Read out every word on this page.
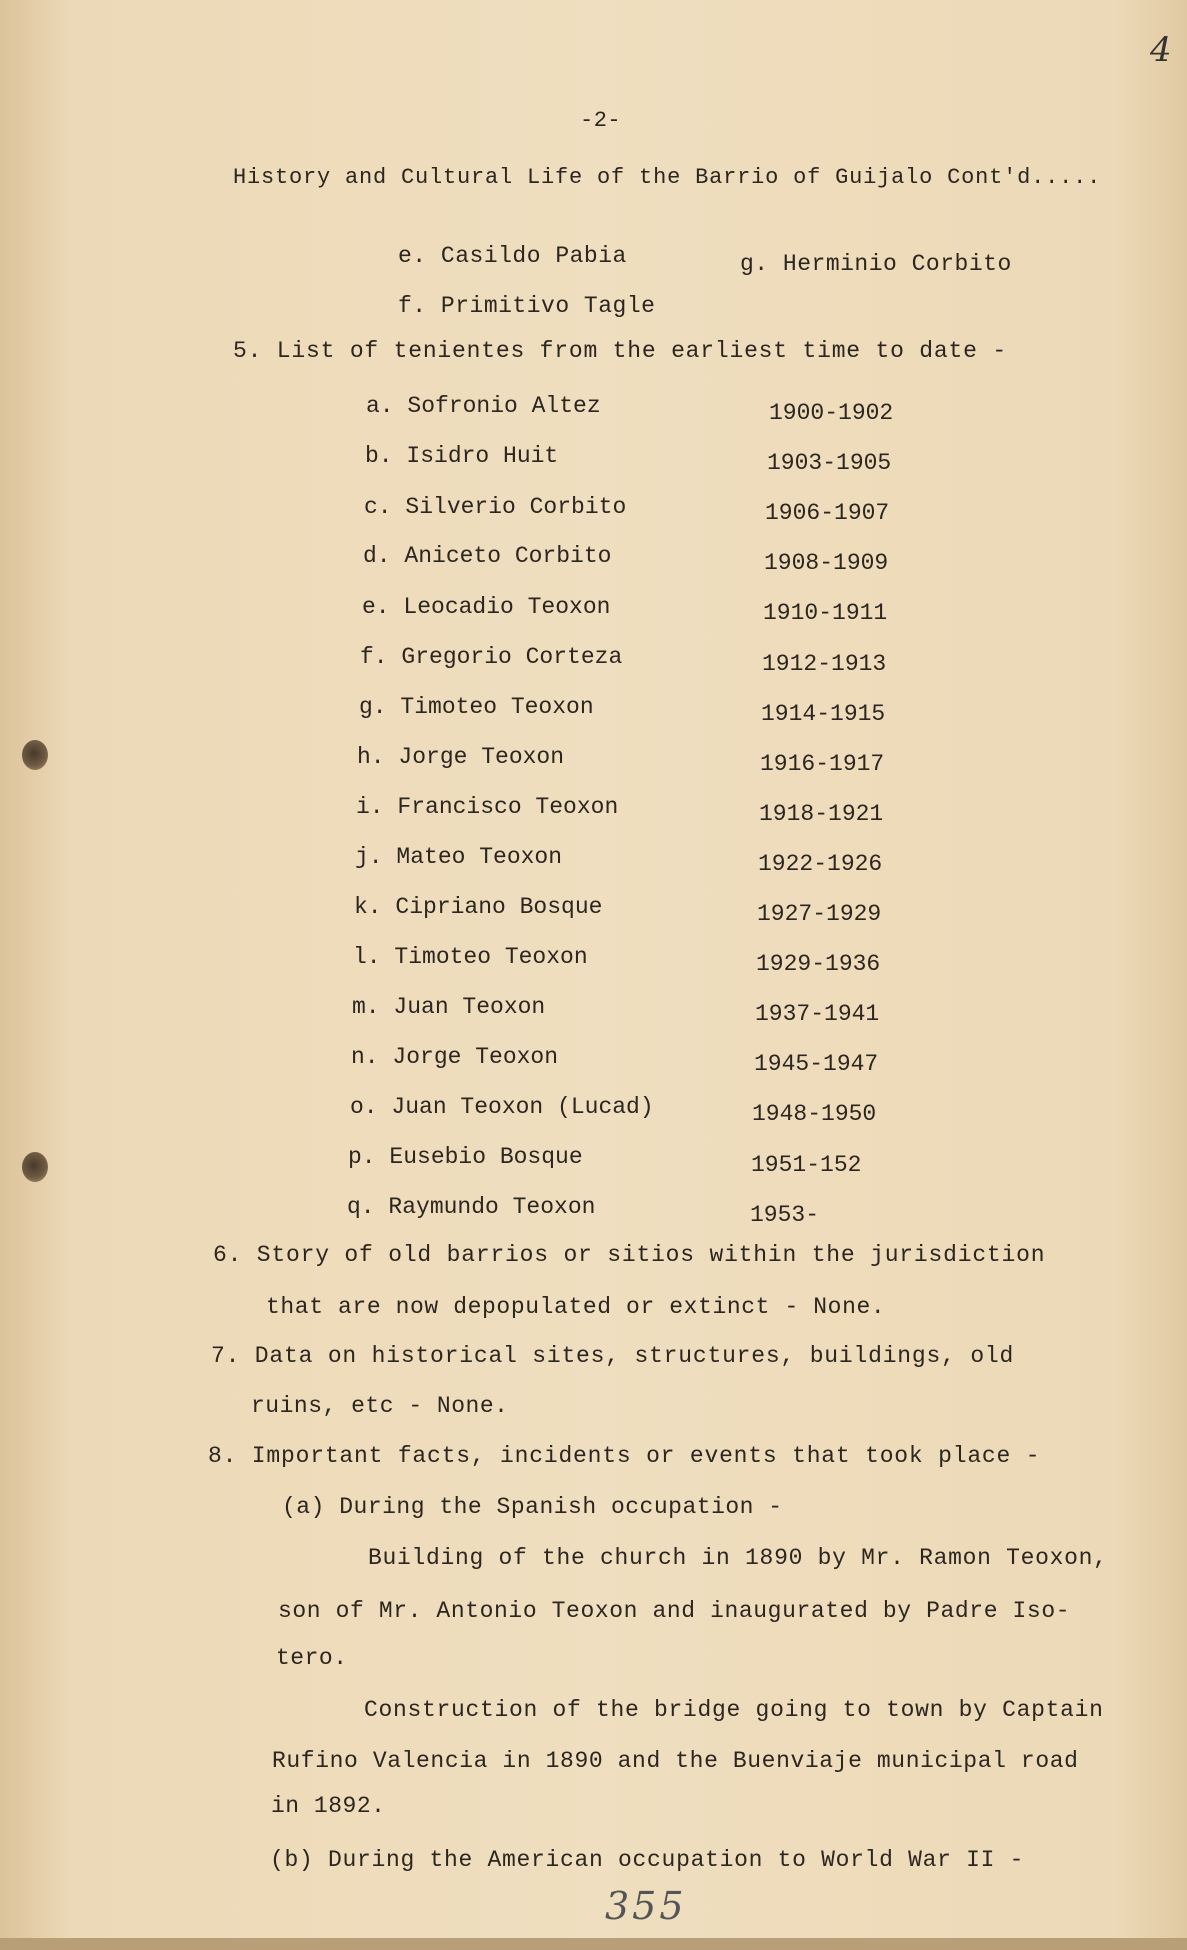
4
-2-
History and Cultural Life of the Barrio of Guijalo Cont'd.....
e. Casildo Pabia	g. Herminio Corbito
f. Primitivo Tagle
5. List of tenientes from the earliest time to date -
a. Sofronio Altez	1900-1902
b. Isidro Huit	1903-1905
c. Silverio Corbito	1906-1907
d. Aniceto Corbito	1908-1909
e. Leocadio Teoxon	1910-1911
f. Gregorio Corteza	1912-1913
g. Timoteo Teoxon	1914-1915
h. Jorge Teoxon	1916-1917
i. Francisco Teoxon	1918-1921
j. Mateo Teoxon	1922-1926
k. Cipriano Bosque	1927-1929
l. Timoteo Teoxon	1929-1936
m. Juan Teoxon	1937-1941
n. Jorge Teoxon	1945-1947
o. Juan Teoxon (Lucad)	1948-1950
p. Eusebio Bosque	1951-152
q. Raymundo Teoxon	1953-
6. Story of old barrios or sitios within the jurisdiction
that are now depopulated or extinct - None.
7. Data on historical sites, structures, buildings, old
ruins, etc - None.
8. Important facts, incidents or events that took place -
(a) During the Spanish occupation -
Building of the church in 1890 by Mr. Ramon Teoxon,
son of Mr. Antonio Teoxon and inaugurated by Padre Iso-
tero.
Construction of the bridge going to town by Captain
Rufino Valencia in 1890 and the Buenviaje municipal road
in 1892.
(b) During the American occupation to World War II -
355
